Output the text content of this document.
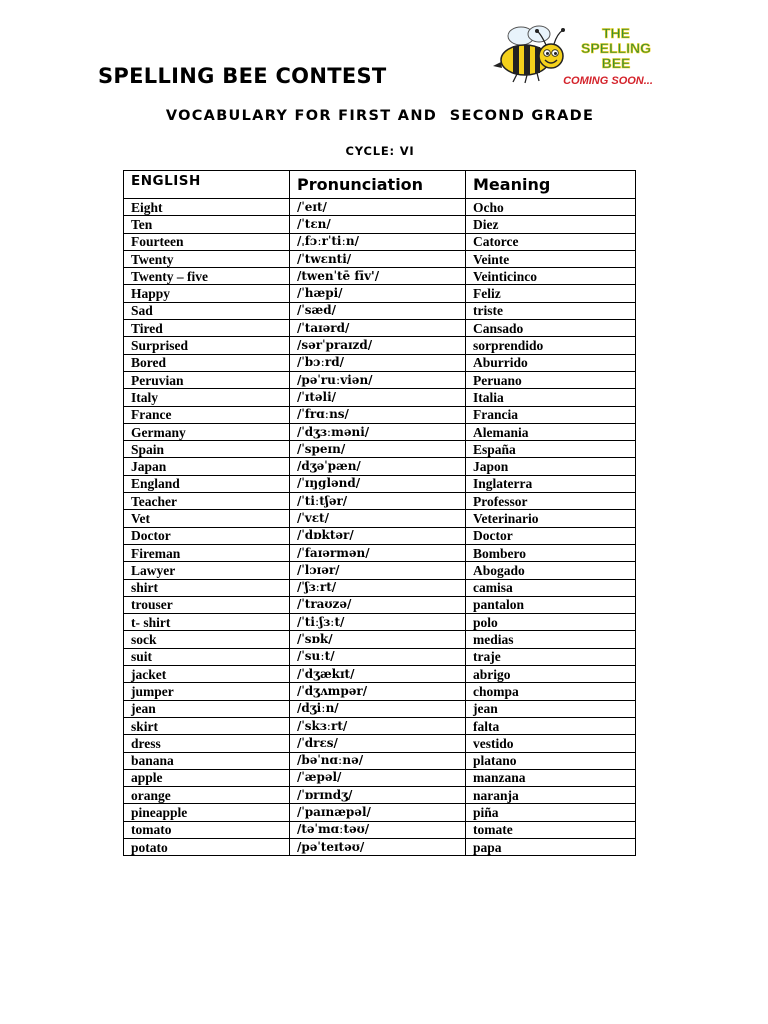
THE
SPELLING
BEE
COMING SOON...
SPELLING BEE CONTEST
VOCABULARY FOR FIRST AND  SECOND GRADE
CYCLE: VI
ENGLISH	Pronunciation	Meaning
Eight	/ˈeɪt/	Ocho
Ten	/ˈtɛn/	Diez
Fourteen	/ˌfɔːrˈtiːn/	Catorce
Twenty	/ˈtwɛnti/	Veinte
Twenty – five	/twenˈtē fīv'/	Veinticinco
Happy	/ˈhæpi/	Feliz
Sad	/ˈsæd/	triste
Tired	/ˈtaɪərd/	Cansado
Surprised	/sərˈpraɪzd/	sorprendido
Bored	/ˈbɔːrd/	Aburrido
Peruvian	/pəˈruːviən/	Peruano
Italy	/ˈɪtəli/	Italia
France	/ˈfrɑːns/	Francia
Germany	/ˈdʒɜːməni/	Alemania
Spain	/ˈspeɪn/	España
Japan	/dʒəˈpæn/	Japon
England	/ˈɪŋglənd/	Inglaterra
Teacher	/ˈtiːtʃər/	Professor
Vet	/ˈvɛt/	Veterinario
Doctor	/ˈdɒktər/	Doctor
Fireman	/ˈfaɪərmən/	Bombero
Lawyer	/ˈlɔɪər/	Abogado
shirt	/ˈʃɜːrt/	camisa
trouser	/ˈtraʊzə/	pantalon
t- shirt	/ˈtiːʃɜːt/	polo
sock	/ˈsɒk/	medias
suit	/ˈsuːt/	traje
jacket	/ˈdʒækɪt/	abrigo
jumper	/ˈdʒʌmpər/	chompa
jean	/dʒiːn/	jean
skirt	/ˈskɜːrt/	falta
dress	/ˈdrɛs/	vestido
banana	/bəˈnɑːnə/	platano
apple	/ˈæpəl/	manzana
orange	/ˈɒrɪndʒ/	naranja
pineapple	/ˈpaɪnæpəl/	piña
tomato	/təˈmɑːtəʊ/	tomate
potato	/pəˈteɪtəʊ/	papa
